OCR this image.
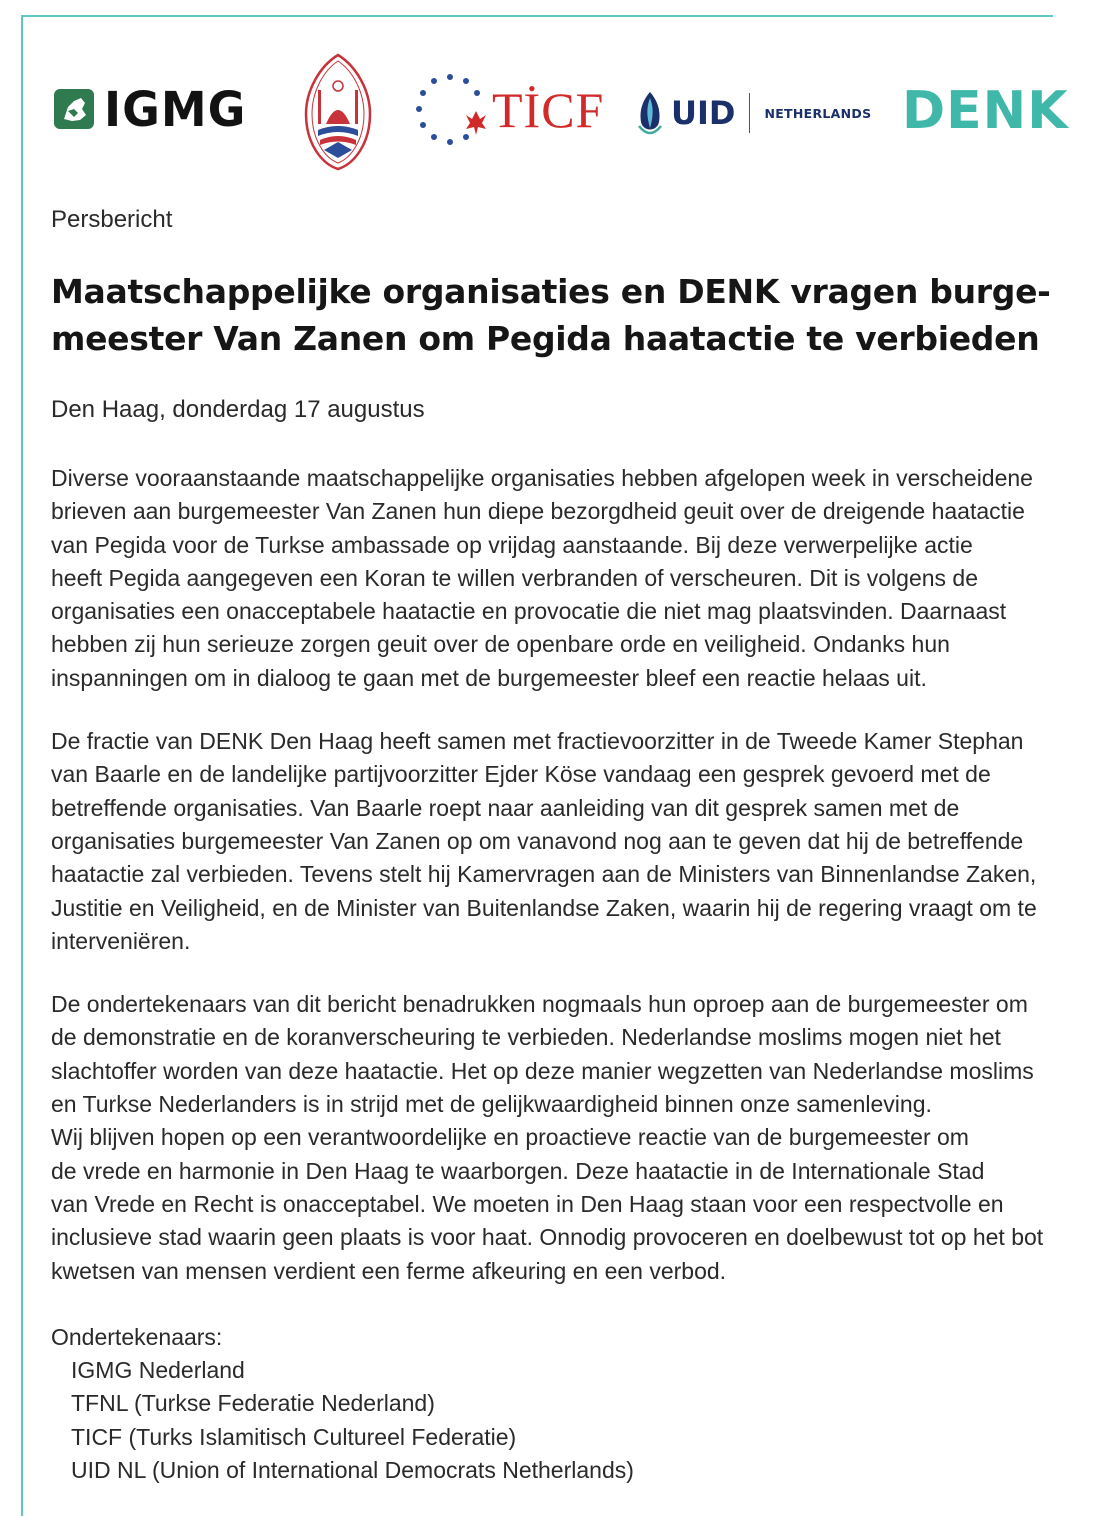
IGMG	TİCF UID NETHERLANDS DENK

Persbericht

Maatschappelijke organisaties en DENK vragen burge-
meester Van Zanen om Pegida haatactie te verbieden

Den Haag, donderdag 17 augustus

Diverse vooraanstaande maatschappelijke organisaties hebben afgelopen week in verscheidene
brieven aan burgemeester Van Zanen hun diepe bezorgdheid geuit over de dreigende haatactie
van Pegida voor de Turkse ambassade op vrijdag aanstaande. Bij deze verwerpelijke actie
heeft Pegida aangegeven een Koran te willen verbranden of verscheuren. Dit is volgens de
organisaties een onacceptabele haatactie en provocatie die niet mag plaatsvinden. Daarnaast
hebben zij hun serieuze zorgen geuit over de openbare orde en veiligheid. Ondanks hun
inspanningen om in dialoog te gaan met de burgemeester bleef een reactie helaas uit.

De fractie van DENK Den Haag heeft samen met fractievoorzitter in de Tweede Kamer Stephan
van Baarle en de landelijke partijvoorzitter Ejder Köse vandaag een gesprek gevoerd met de
betreffende organisaties. Van Baarle roept naar aanleiding van dit gesprek samen met de
organisaties burgemeester Van Zanen op om vanavond nog aan te geven dat hij de betreffende
haatactie zal verbieden. Tevens stelt hij Kamervragen aan de Ministers van Binnenlandse Zaken,
Justitie en Veiligheid, en de Minister van Buitenlandse Zaken, waarin hij de regering vraagt om te
interveniëren.

De ondertekenaars van dit bericht benadrukken nogmaals hun oproep aan de burgemeester om
de demonstratie en de koranverscheuring te verbieden. Nederlandse moslims mogen niet het
slachtoffer worden van deze haatactie. Het op deze manier wegzetten van Nederlandse moslims
en Turkse Nederlanders is in strijd met de gelijkwaardigheid binnen onze samenleving.
Wij blijven hopen op een verantwoordelijke en proactieve reactie van de burgemeester om
de vrede en harmonie in Den Haag te waarborgen. Deze haatactie in de Internationale Stad
van Vrede en Recht is onacceptabel. We moeten in Den Haag staan voor een respectvolle en
inclusieve stad waarin geen plaats is voor haat. Onnodig provoceren en doelbewust tot op het bot
kwetsen van mensen verdient een ferme afkeuring en een verbod.

Ondertekenaars:

IGMG Nederland
TFNL (Turkse Federatie Nederland)
TICF (Turks Islamitisch Cultureel Federatie)
UID NL (Union of International Democrats Netherlands)
